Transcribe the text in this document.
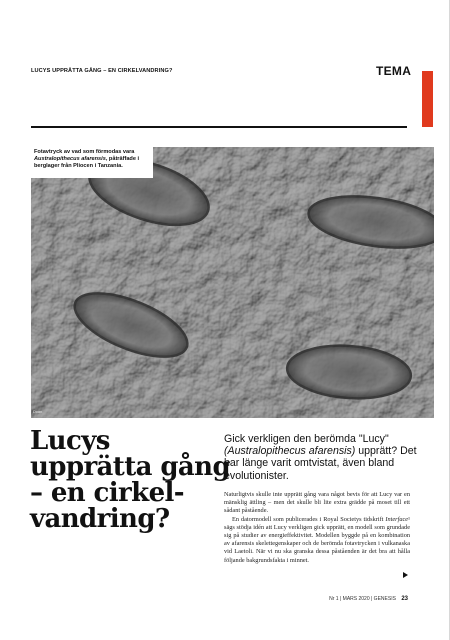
LUCYS UPPRÄTTA GÅNG – EN CIRKELVANDRING?	TEMA
Fotavtryck av vad som förmodas vara Australopithecus afarensis, påträffade i berglager från Pliocen i Tanzania.
Doan
Lucys
upprätta gång
– en cirkel-
vandring?
Gick verkligen den berömda "Lucy" (Australopithecus afarensis) upprätt? Det har länge varit omtvistat, även bland evolutionister.

Naturligtvis skulle inte upprätt gång vara något bevis för att Lucy var en mänsklig ättling – men det skulle bli lite extra grädde på moset till ett sådant påstående.

En datormodell som publicerades i Royal Societys tidskrift Interface¹ sägs stödja idén att Lucy verkligen gick upprätt, en modell som grundade sig på studier av energieffektivitet. Modellen byggde på en kombination av afarensis skelettegenskaper och de berömda fotavtrycken i vulkanaska vid Laetoli. När vi nu ska granska dessa påståenden är det bra att hålla följande bakgrundsfakta i minnet.

Nr 1 | MARS 2020 | GENESIS 23
